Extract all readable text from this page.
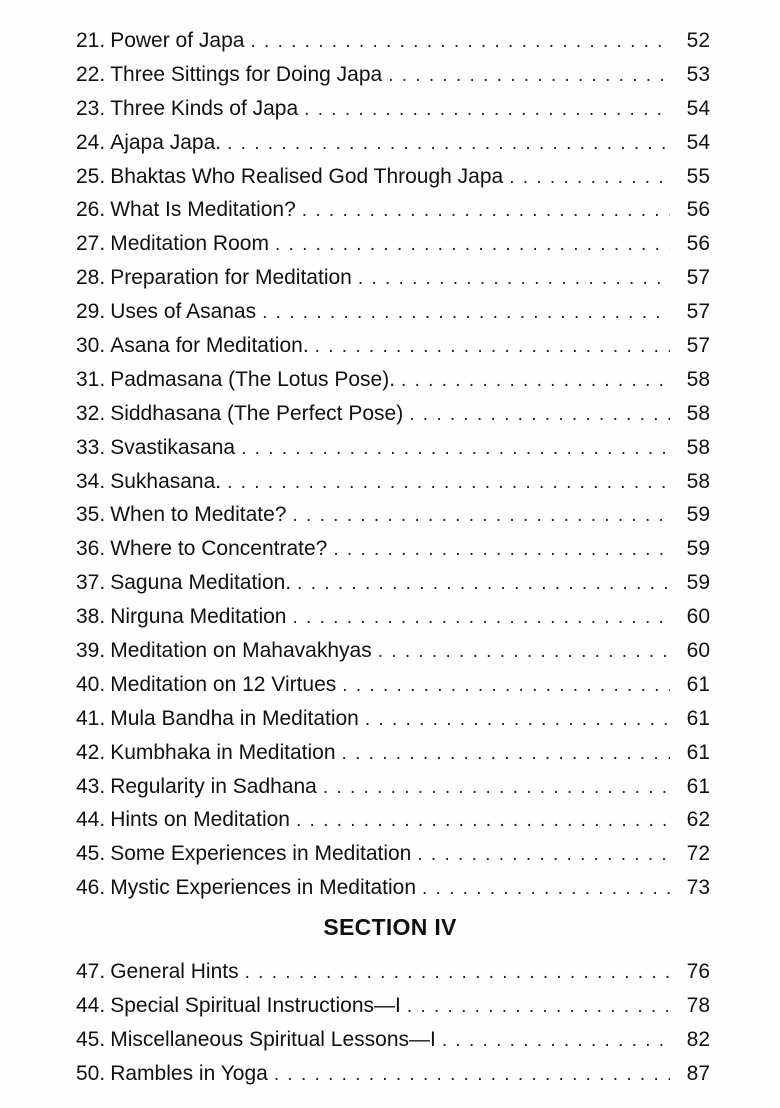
21. Power of Japa . . .	52
22. Three Sittings for Doing Japa . . .	53
23. Three Kinds of Japa . . .	54
24. Ajapa Japa. . . .	54
25. Bhaktas Who Realised God Through Japa . . .	55
26. What Is Meditation? . . .	56
27. Meditation Room . . .	56
28. Preparation for Meditation . . .	57
29. Uses of Asanas . . .	57
30. Asana for Meditation. . . .	57
31. Padmasana (The Lotus Pose). . . .	58
32. Siddhasana (The Perfect Pose) . . .	58
33. Svastikasana . . .	58
34. Sukhasana. . . .	58
35. When to Meditate? . . .	59
36. Where to Concentrate? . . .	59
37. Saguna Meditation. . . .	59
38. Nirguna Meditation . . .	60
39. Meditation on Mahavakhyas . . .	60
40. Meditation on 12 Virtues . . .	61
41. Mula Bandha in Meditation . . .	61
42. Kumbhaka in Meditation . . .	61
43. Regularity in Sadhana . . .	61
44. Hints on Meditation . . .	62
45. Some Experiences in Meditation . . .	72
46. Mystic Experiences in Meditation . . .	73
SECTION IV
47. General Hints . . .	76
44. Special Spiritual Instructions—I . . .	78
45. Miscellaneous Spiritual Lessons—I . . .	82
50. Rambles in Yoga . . .	87
